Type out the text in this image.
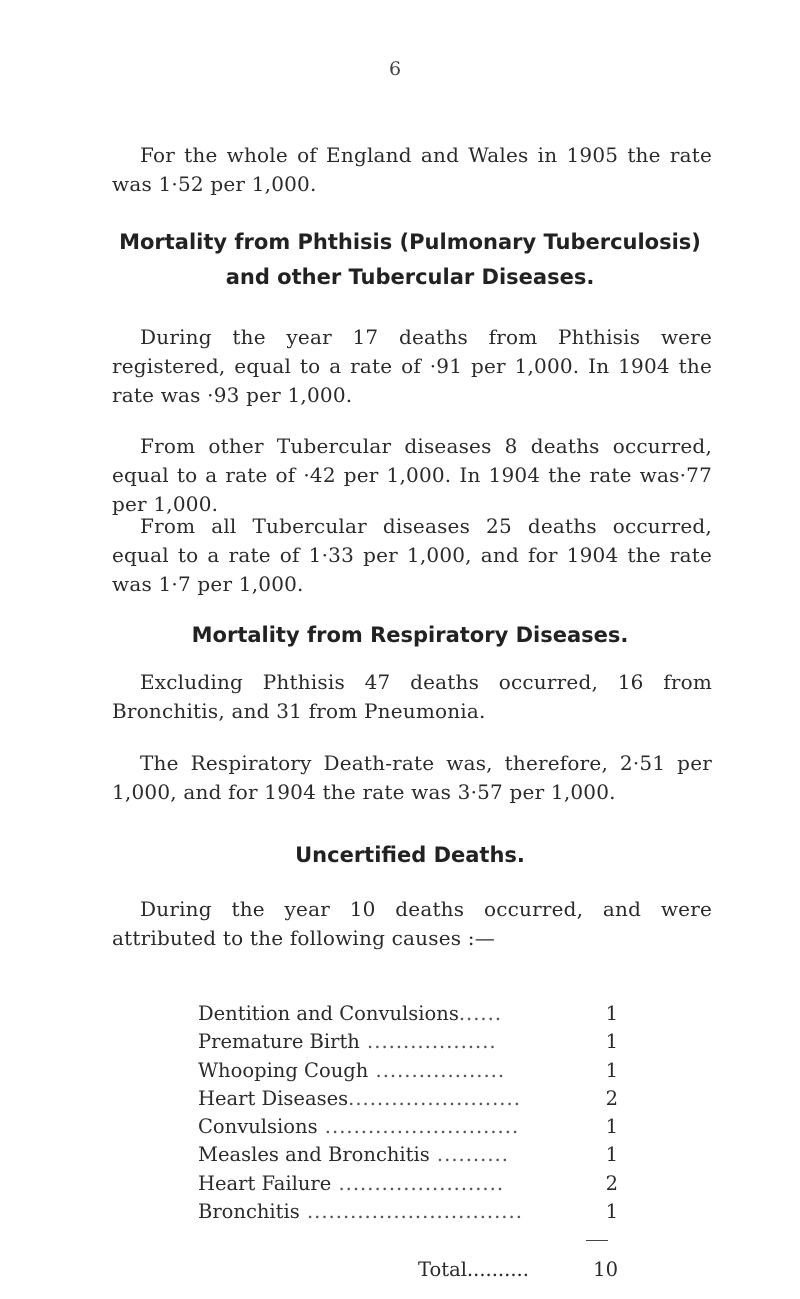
6

For the whole of England and Wales in 1905 the rate was 1·52 per 1,000.

Mortality from Phthisis (Pulmonary Tuberculosis)
and other Tubercular Diseases.

During the year 17 deaths from Phthisis were registered, equal to a rate of ·91 per 1,000. In 1904 the rate was ·93 per 1,000.

From other Tubercular diseases 8 deaths occurred, equal to a rate of ·42 per 1,000. In 1904 the rate was·77 per 1,000.

From all Tubercular diseases 25 deaths occurred, equal to a rate of 1·33 per 1,000, and for 1904 the rate was 1·7 per 1,000.

Mortality from Respiratory Diseases.

Excluding Phthisis 47 deaths occurred, 16 from Bronchitis, and 31 from Pneumonia.

The Respiratory Death-rate was, therefore, 2·51 per 1,000, and for 1904 the rate was 3·57 per 1,000.

Uncertified Deaths.

During the year 10 deaths occurred, and were attributed to the following causes :—

Dentition and Convulsions......	1
Premature Birth ..................	1
Whooping Cough ..................	1
Heart Diseases........................	2
Convulsions ...........................	1
Measles and Bronchitis ..........	1
Heart Failure .......................	2
Bronchitis ..............................	1
Total..........	10
